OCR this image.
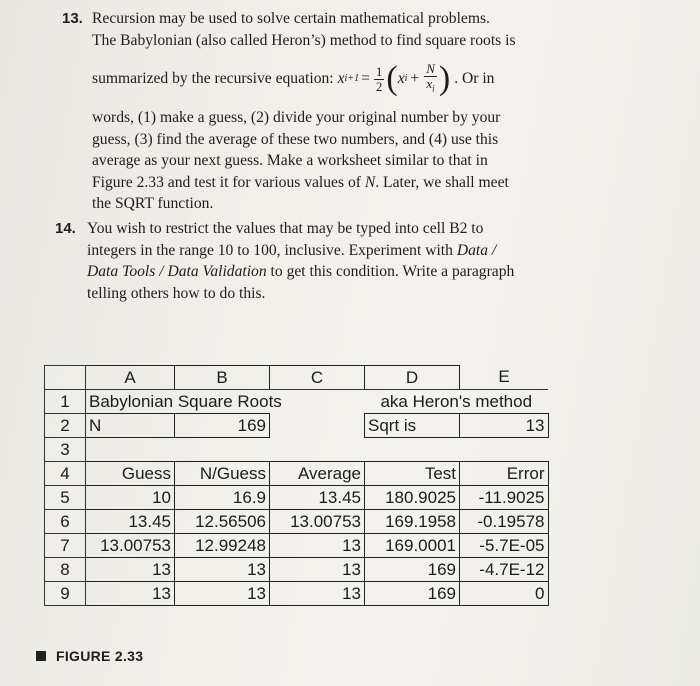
13. Recursion may be used to solve certain mathematical problems.
The Babylonian (also called Heron’s) method to find square roots is
summarized by the recursive equation: x $i+1 = \frac{1}{2}$ ( x $i + \frac{N}{x_i}$ ) . Or in
words, (1) make a guess, (2) divide your original number by your
guess, (3) find the average of these two numbers, and (4) use this
average as your next guess. Make a worksheet similar to that in
Figure 2.33 and test it for various values of N. Later, we shall meet
the SQRT function.
14. You wish to restrict the values that may be typed into cell B2 to
integers in the range 10 to 100, inclusive. Experiment with Data /
Data Tools / Data Validation to get this condition. Write a paragraph
telling others how to do this.
	A	B	C	D	E
1	Babylonian Square Roots			aka Heron's method	
2	N	169		Sqrt is	13
3					
4	Guess	N/Guess	Average	Test	Error
5	10	16.9	13.45	180.9025	-11.9025
6	13.45	12.56506	13.00753	169.1958	-0.19578
7	13.00753	12.99248	13	169.0001	-5.7E-05
8	13	13	13	169	-4.7E-12
9	13	13	13	169	0
FIGURE 2.33
